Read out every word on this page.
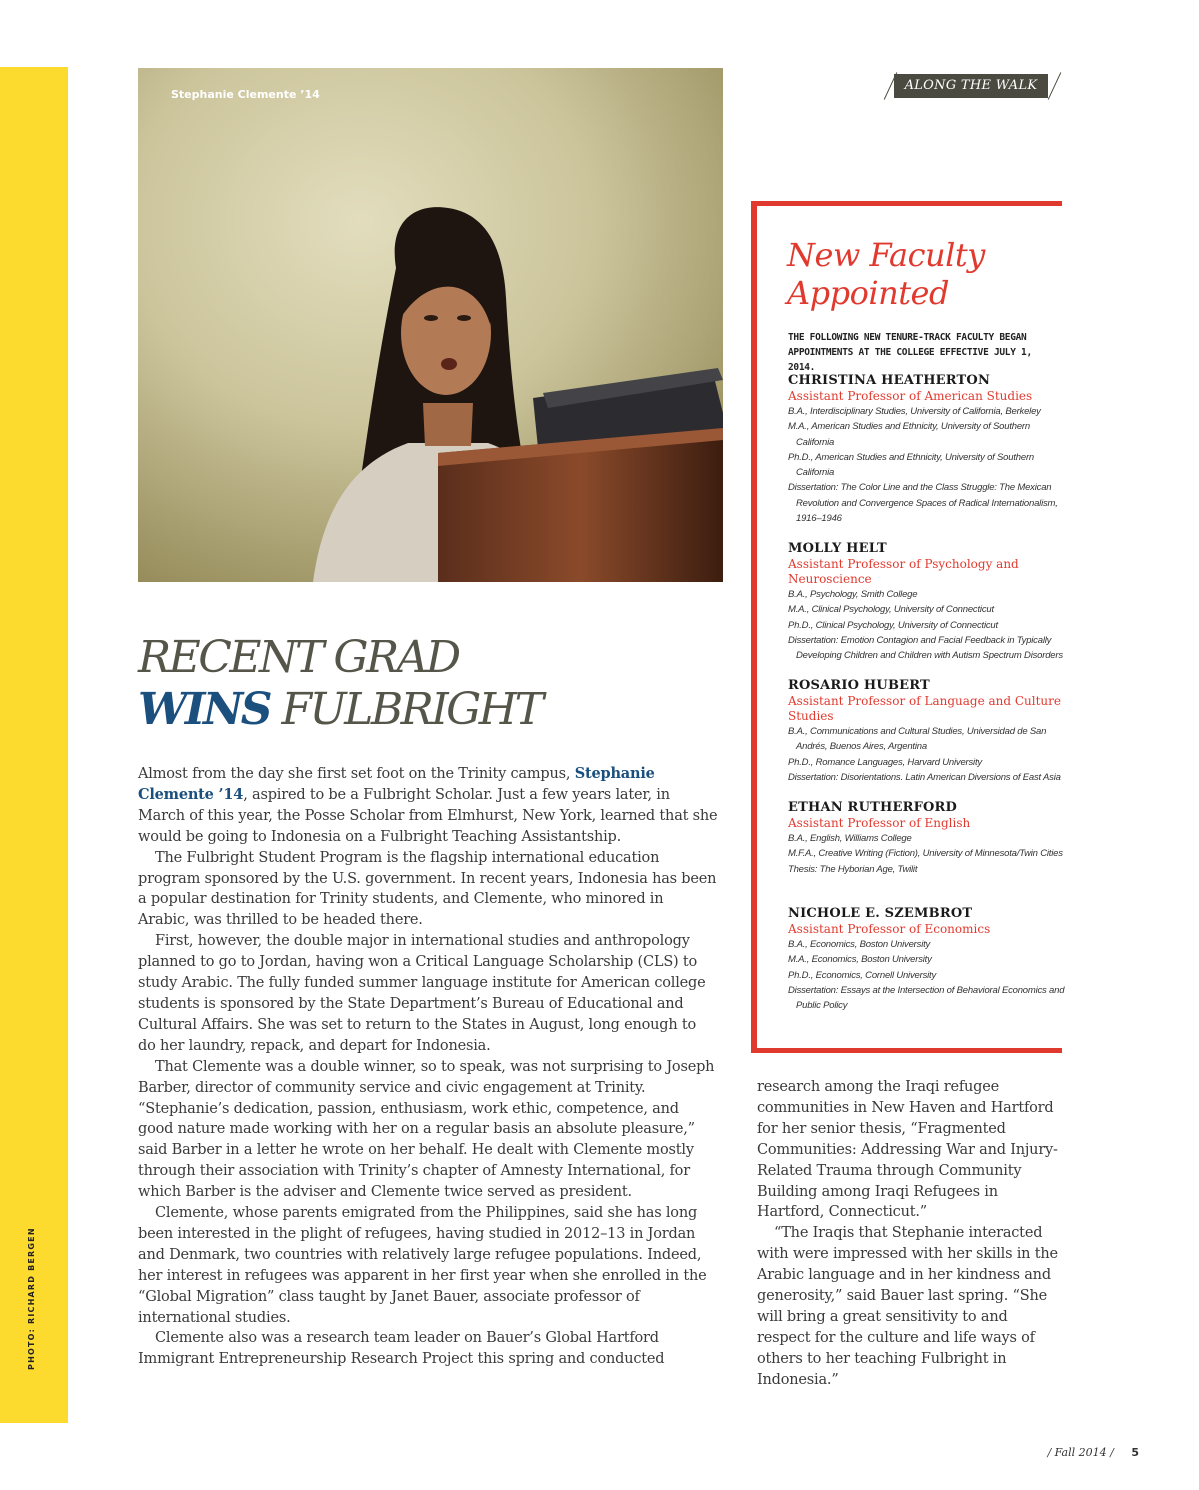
PHOTO: RICHARD BERGEN
Stephanie Clemente ’14
ALONG THE WALK
New Faculty
Appointed

THE FOLLOWING NEW TENURE-TRACK FACULTY BEGAN APPOINTMENTS AT THE COLLEGE EFFECTIVE JULY 1, 2014.

CHRISTINA HEATHERTON
Assistant Professor of American Studies
B.A., Interdisciplinary Studies, University of California, Berkeley
M.A., American Studies and Ethnicity, University of Southern California
Ph.D., American Studies and Ethnicity, University of Southern California
Dissertation: The Color Line and the Class Struggle: The Mexican Revolution and Convergence Spaces of Radical Internationalism, 1916–1946
MOLLY HELT
Assistant Professor of Psychology and Neuroscience
B.A., Psychology, Smith College
M.A., Clinical Psychology, University of Connecticut
Ph.D., Clinical Psychology, University of Connecticut
Dissertation: Emotion Contagion and Facial Feedback in Typically Developing Children and Children with Autism Spectrum Disorders
ROSARIO HUBERT
Assistant Professor of Language and Culture Studies
B.A., Communications and Cultural Studies, Universidad de San Andrés, Buenos Aires, Argentina
Ph.D., Romance Languages, Harvard University
Dissertation: Disorientations. Latin American Diversions of East Asia
ETHAN RUTHERFORD
Assistant Professor of English
B.A., English, Williams College
M.F.A., Creative Writing (Fiction), University of Minnesota/Twin Cities
Thesis: The Hyborian Age, Twilit
NICHOLE E. SZEMBROT
Assistant Professor of Economics
B.A., Economics, Boston University
M.A., Economics, Boston University
Ph.D., Economics, Cornell University
Dissertation: Essays at the Intersection of Behavioral Economics and Public Policy
RECENT GRAD
WINS FULBRIGHT

Almost from the day she first set foot on the Trinity campus, Stephanie Clemente ’14, aspired to be a Fulbright Scholar. Just a few years later, in March of this year, the Posse Scholar from Elmhurst, New York, learned that she would be going to Indonesia on a Fulbright Teaching Assistantship.

The Fulbright Student Program is the flagship international education program sponsored by the U.S. government. In recent years, Indonesia has been a popular destination for Trinity students, and Clemente, who minored in Arabic, was thrilled to be headed there.

First, however, the double major in international studies and anthropology planned to go to Jordan, having won a Critical Language Scholarship (CLS) to study Arabic. The fully funded summer language institute for American college students is sponsored by the State Department’s Bureau of Educational and Cultural Affairs. She was set to return to the States in August, long enough to do her laundry, repack, and depart for Indonesia.

That Clemente was a double winner, so to speak, was not surprising to Joseph Barber, director of community service and civic engagement at Trinity. “Stephanie’s dedication, passion, enthusiasm, work ethic, competence, and good nature made working with her on a regular basis an absolute pleasure,” said Barber in a letter he wrote on her behalf. He dealt with Clemente mostly through their association with Trinity’s chapter of Amnesty International, for which Barber is the adviser and Clemente twice served as president.

Clemente, whose parents emigrated from the Philippines, said she has long been interested in the plight of refugees, having studied in 2012–13 in Jordan and Denmark, two countries with relatively large refugee populations. Indeed, her interest in refugees was apparent in her first year when she enrolled in the “Global Migration” class taught by Janet Bauer, associate professor of international studies.

Clemente also was a research team leader on Bauer’s Global Hartford Immigrant Entrepreneurship Research Project this spring and conducted

research among the Iraqi refugee communities in New Haven and Hartford for her senior thesis, “Fragmented Communities: Addressing War and Injury-Related Trauma through Community Building among Iraqi Refugees in Hartford, Connecticut.”

“The Iraqis that Stephanie interacted with were impressed with her skills in the Arabic language and in her kindness and generosity,” said Bauer last spring. “She will bring a great sensitivity to and respect for the culture and life ways of others to her teaching Fulbright in Indonesia.”

/ Fall 2014 / 5
